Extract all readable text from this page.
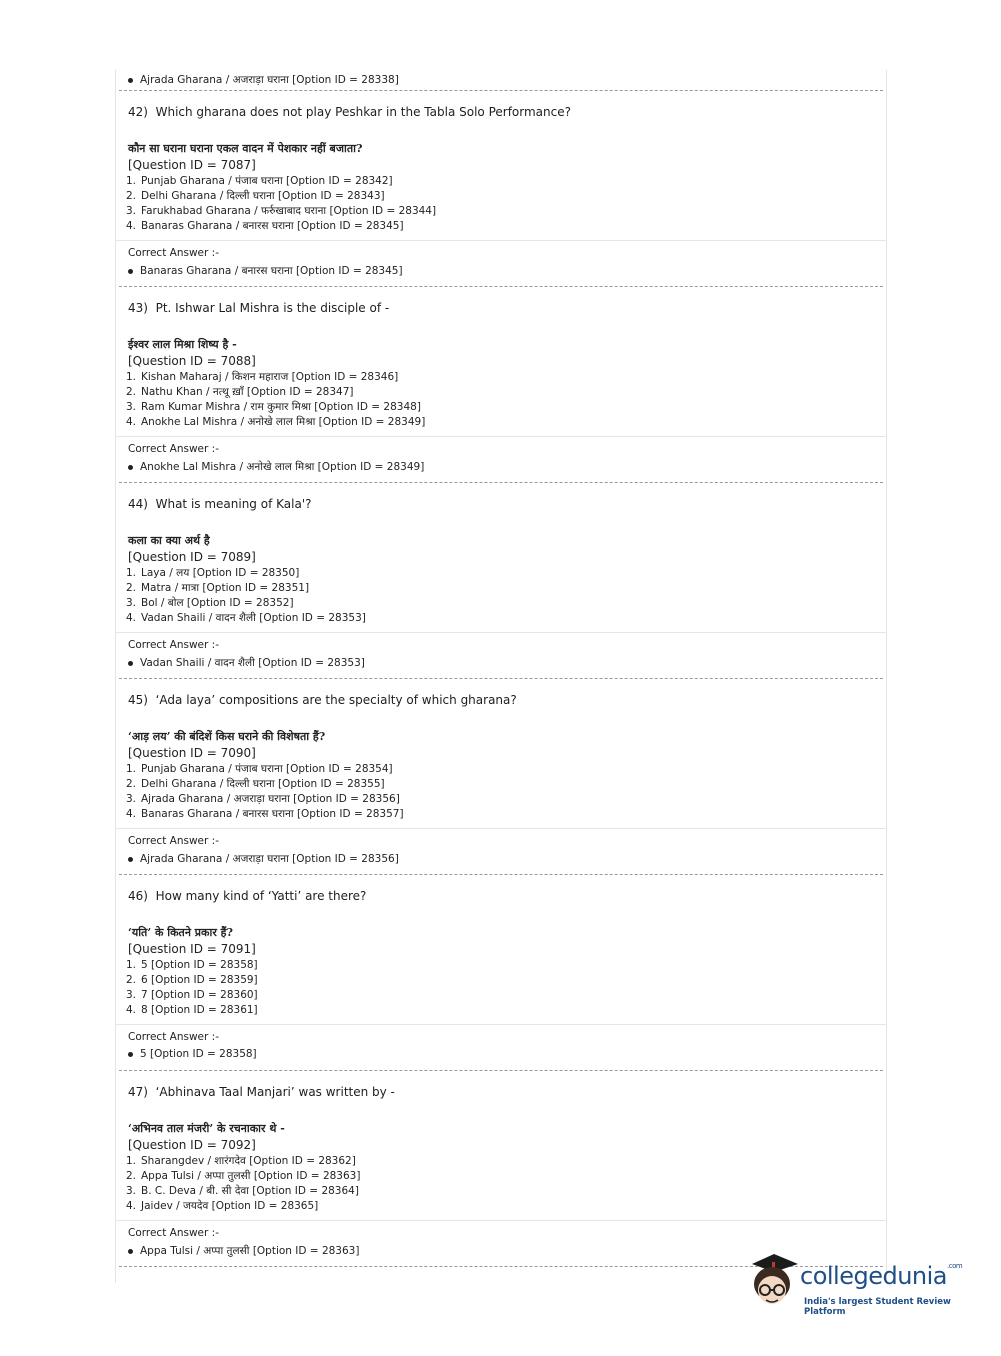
Ajrada Gharana / अजराड़ा घराना [Option ID = 28338]
42) Which gharana does not play Peshkar in the Tabla Solo Performance?
कौन सा घराना घराना एकल वादन में पेशकार नहीं बजाता?
[Question ID = 7087]
1. Punjab Gharana / पंजाब घराना [Option ID = 28342]
2. Delhi Gharana / दिल्ली घराना [Option ID = 28343]
3. Farukhabad Gharana / फर्रुखाबाद घराना [Option ID = 28344]
4. Banaras Gharana / बनारस घराना [Option ID = 28345]
Correct Answer :-
Banaras Gharana / बनारस घराना [Option ID = 28345]
43) Pt. Ishwar Lal Mishra is the disciple of -
ईश्वर लाल मिश्रा शिष्य है -
[Question ID = 7088]
1. Kishan Maharaj / किशन महाराज [Option ID = 28346]
2. Nathu Khan / नत्थू ख़ाँ [Option ID = 28347]
3. Ram Kumar Mishra / राम कुमार मिश्रा [Option ID = 28348]
4. Anokhe Lal Mishra / अनोखे लाल मिश्रा [Option ID = 28349]
Correct Answer :-
Anokhe Lal Mishra / अनोखे लाल मिश्रा [Option ID = 28349]
44) What is meaning of Kala'?
कला का क्या अर्थ है
[Question ID = 7089]
1. Laya / लय [Option ID = 28350]
2. Matra / मात्रा [Option ID = 28351]
3. Bol / बोल [Option ID = 28352]
4. Vadan Shaili / वादन शैली [Option ID = 28353]
Correct Answer :-
Vadan Shaili / वादन शैली [Option ID = 28353]
45) ‘Ada laya’ compositions are the specialty of which gharana?
‘आड़ लय’ की बंदिशें किस घराने की विशेषता हैं?
[Question ID = 7090]
1. Punjab Gharana / पंजाब घराना [Option ID = 28354]
2. Delhi Gharana / दिल्ली घराना [Option ID = 28355]
3. Ajrada Gharana / अजराड़ा घराना [Option ID = 28356]
4. Banaras Gharana / बनारस घराना [Option ID = 28357]
Correct Answer :-
Ajrada Gharana / अजराड़ा घराना [Option ID = 28356]
46) How many kind of ‘Yatti’ are there?
‘यति’ के कितने प्रकार हैं?
[Question ID = 7091]
1. 5 [Option ID = 28358]
2. 6 [Option ID = 28359]
3. 7 [Option ID = 28360]
4. 8 [Option ID = 28361]
Correct Answer :-
5 [Option ID = 28358]
47) ‘Abhinava Taal Manjari’ was written by -
‘अभिनव ताल मंजरी’ के रचनाकार थे -
[Question ID = 7092]
1. Sharangdev / शारंगदेव [Option ID = 28362]
2. Appa Tulsi / अप्पा तुलसी [Option ID = 28363]
3. B. C. Deva / बी. सी देवा [Option ID = 28364]
4. Jaidev / जयदेव [Option ID = 28365]
Correct Answer :-
Appa Tulsi / अप्पा तुलसी [Option ID = 28363]
collegedunia$^{.com}$
India's largest Student Review Platform
